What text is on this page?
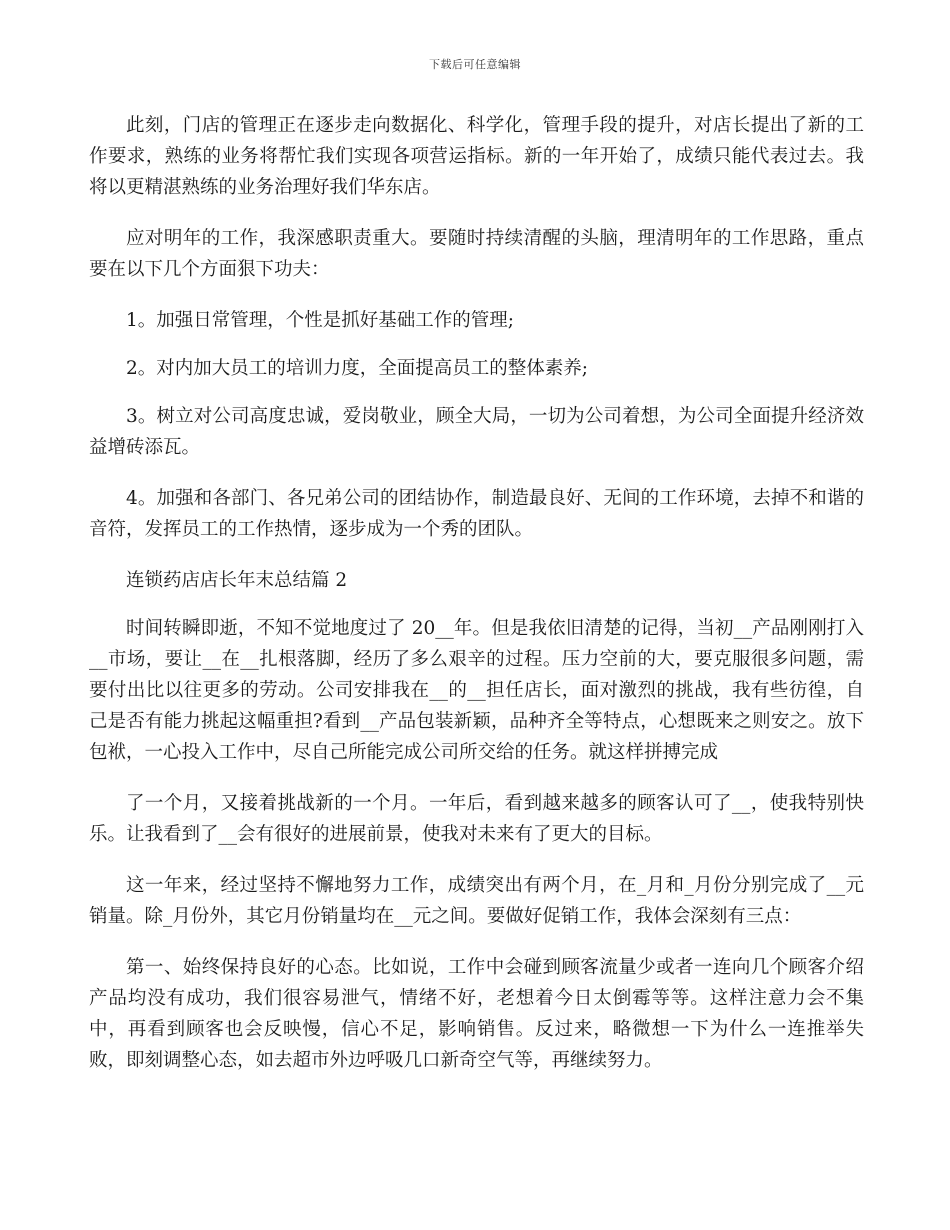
下载后可任意编辑

此刻，门店的管理正在逐步走向数据化、科学化，管理手段的提升，对店长提出了新的工作要求，熟练的业务将帮忙我们实现各项营运指标。新的一年开始了，成绩只能代表过去。我将以更精湛熟练的业务治理好我们华东店。

应对明年的工作，我深感职责重大。要随时持续清醒的头脑，理清明年的工作思路，重点要在以下几个方面狠下功夫：

1。加强日常管理，个性是抓好基础工作的管理;

2。对内加大员工的培训力度，全面提高员工的整体素养;

3。树立对公司高度忠诚，爱岗敬业，顾全大局，一切为公司着想，为公司全面提升经济效益增砖添瓦。

4。加强和各部门、各兄弟公司的团结协作，制造最良好、无间的工作环境，去掉不和谐的音符，发挥员工的工作热情，逐步成为一个秀的团队。

连锁药店店长年末总结篇 2

时间转瞬即逝，不知不觉地度过了 20__年。但是我依旧清楚的记得，当初__产品刚刚打入__市场，要让__在__扎根落脚，经历了多么艰辛的过程。压力空前的大，要克服很多问题，需要付出比以往更多的劳动。公司安排我在__的__担任店长，面对激烈的挑战，我有些彷徨，自己是否有能力挑起这幅重担?看到__产品包装新颖，品种齐全等特点，心想既来之则安之。放下包袱，一心投入工作中，尽自己所能完成公司所交给的任务。就这样拼搏完成

了一个月，又接着挑战新的一个月。一年后，看到越来越多的顾客认可了__，使我特别快乐。让我看到了__会有很好的进展前景，使我对未来有了更大的目标。

这一年来，经过坚持不懈地努力工作，成绩突出有两个月，在_月和_月份分别完成了__元销量。除_月份外，其它月份销量均在__元之间。要做好促销工作，我体会深刻有三点：

第一、始终保持良好的心态。比如说，工作中会碰到顾客流量少或者一连向几个顾客介绍产品均没有成功，我们很容易泄气，情绪不好，老想着今日太倒霉等等。这样注意力会不集中，再看到顾客也会反映慢，信心不足，影响销售。反过来，略微想一下为什么一连推举失败，即刻调整心态，如去超市外边呼吸几口新奇空气等，再继续努力。
